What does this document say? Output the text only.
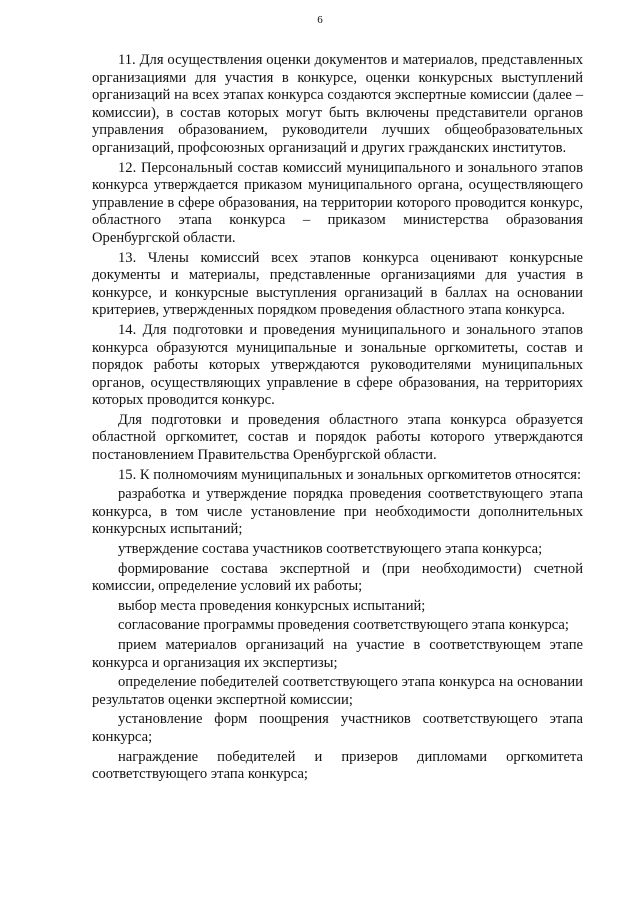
6

11. Для осуществления оценки документов и материалов, представленных организациями для участия в конкурсе, оценки конкурсных выступлений организаций на всех этапах конкурса создаются экспертные комиссии (далее – комиссии), в состав которых могут быть включены представители органов управления образованием, руководители лучших общеобразовательных организаций, профсоюзных организаций и других гражданских институтов.

12. Персональный состав комиссий муниципального и зонального этапов конкурса утверждается приказом муниципального органа, осуществляющего управление в сфере образования, на территории которого проводится конкурс, областного этапа конкурса – приказом министерства образования Оренбургской области.

13. Члены комиссий всех этапов конкурса оценивают конкурсные документы и материалы, представленные организациями для участия в конкурсе, и конкурсные выступления организаций в баллах на основании критериев, утвержденных порядком проведения областного этапа конкурса.

14. Для подготовки и проведения муниципального и зонального этапов конкурса образуются муниципальные и зональные оргкомитеты, состав и порядок работы которых утверждаются руководителями муниципальных органов, осуществляющих управление в сфере образования, на территориях которых проводится конкурс.

Для подготовки и проведения областного этапа конкурса образуется областной оргкомитет, состав и порядок работы которого утверждаются постановлением Правительства Оренбургской области.

15. К полномочиям муниципальных и зональных оргкомитетов относятся:

разработка и утверждение порядка проведения соответствующего этапа конкурса, в том числе установление при необходимости дополнительных конкурсных испытаний;

утверждение состава участников соответствующего этапа конкурса;

формирование состава экспертной и (при необходимости) счетной комиссии, определение условий их работы;

выбор места проведения конкурсных испытаний;

согласование программы проведения соответствующего этапа конкурса;

прием материалов организаций на участие в соответствующем этапе конкурса и организация их экспертизы;

определение победителей соответствующего этапа конкурса на основании результатов оценки экспертной комиссии;

установление форм поощрения участников соответствующего этапа конкурса;

награждение победителей и призеров дипломами оргкомитета соответствующего этапа конкурса;
